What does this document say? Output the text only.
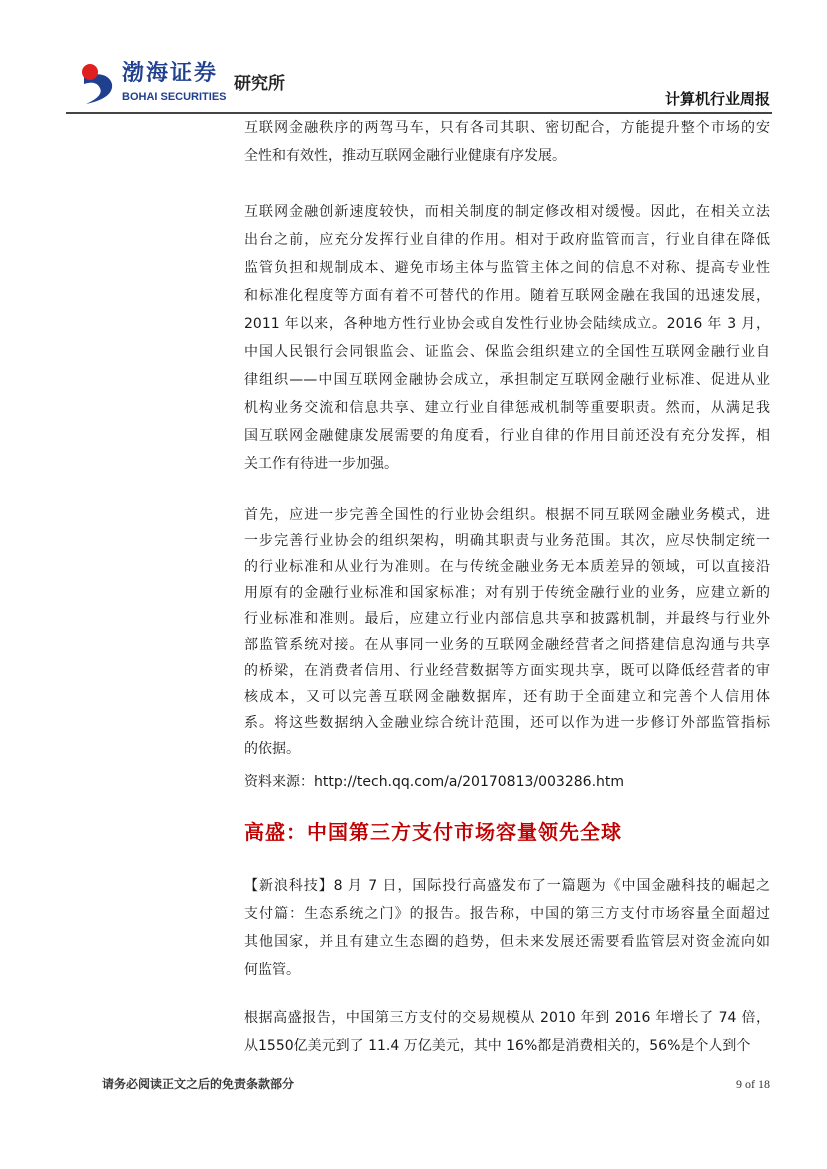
渤海证券
BOHAI SECURITIES
研究所
计算机行业周报
互联网金融秩序的两驾马车，只有各司其职、密切配合，方能提升整个市场的安
全性和有效性，推动互联网金融行业健康有序发展。
互联网金融创新速度较快，而相关制度的制定修改相对缓慢。因此，在相关立法
出台之前，应充分发挥行业自律的作用。相对于政府监管而言，行业自律在降低
监管负担和规制成本、避免市场主体与监管主体之间的信息不对称、提高专业性
和标准化程度等方面有着不可替代的作用。随着互联网金融在我国的迅速发展，
2011 年以来，各种地方性行业协会或自发性行业协会陆续成立。2016 年 3 月，
中国人民银行会同银监会、证监会、保监会组织建立的全国性互联网金融行业自
律组织——中国互联网金融协会成立，承担制定互联网金融行业标准、促进从业
机构业务交流和信息共享、建立行业自律惩戒机制等重要职责。然而，从满足我
国互联网金融健康发展需要的角度看，行业自律的作用目前还没有充分发挥，相
关工作有待进一步加强。
首先，应进一步完善全国性的行业协会组织。根据不同互联网金融业务模式，进
一步完善行业协会的组织架构，明确其职责与业务范围。其次，应尽快制定统一
的行业标准和从业行为准则。在与传统金融业务无本质差异的领域，可以直接沿
用原有的金融行业标准和国家标准；对有别于传统金融行业的业务，应建立新的
行业标准和准则。最后，应建立行业内部信息共享和披露机制，并最终与行业外
部监管系统对接。在从事同一业务的互联网金融经营者之间搭建信息沟通与共享
的桥梁，在消费者信用、行业经营数据等方面实现共享，既可以降低经营者的审
核成本，又可以完善互联网金融数据库，还有助于全面建立和完善个人信用体
系。将这些数据纳入金融业综合统计范围，还可以作为进一步修订外部监管指标
的依据。
资料来源：http://tech.qq.com/a/20170813/003286.htm
高盛：中国第三方支付市场容量领先全球
【新浪科技】8 月 7 日，国际投行高盛发布了一篇题为《中国金融科技的崛起之
支付篇：生态系统之门》的报告。报告称，中国的第三方支付市场容量全面超过
其他国家，并且有建立生态圈的趋势，但未来发展还需要看监管层对资金流向如
何监管。
根据高盛报告，中国第三方支付的交易规模从 2010 年到 2016 年增长了 74 倍，
从1550亿美元到了 11.4 万亿美元，其中 16%都是消费相关的，56%是个人到个
请务必阅读正文之后的免责条款部分	9 of 18
